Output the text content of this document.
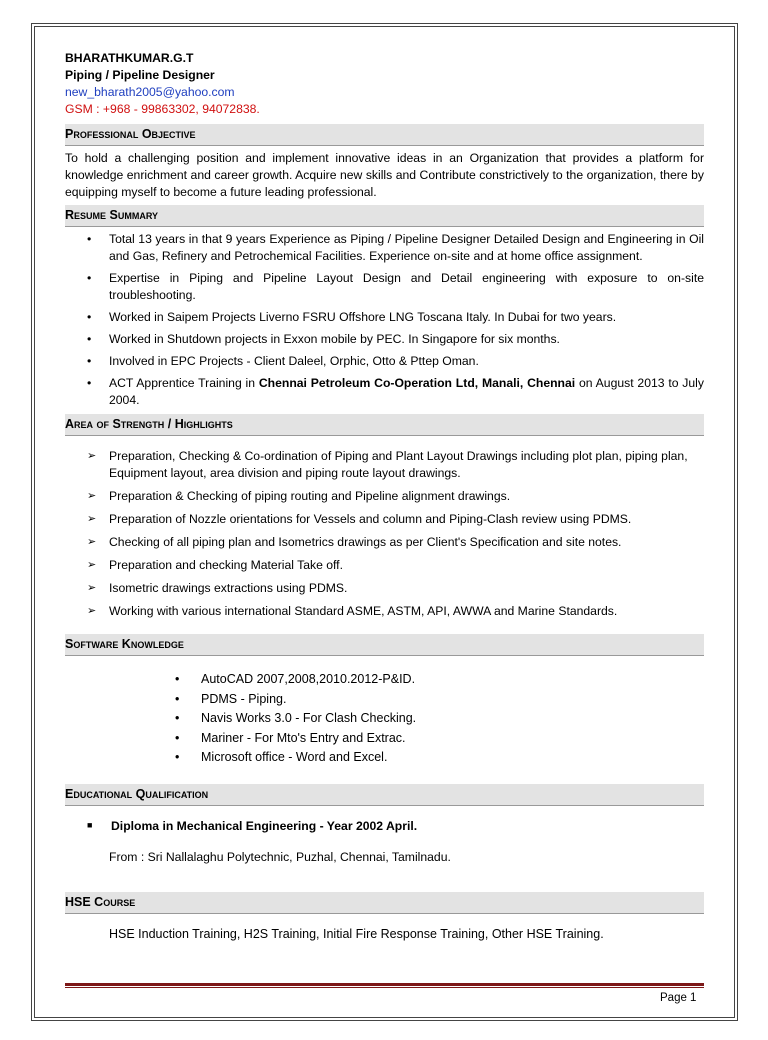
BHARATHKUMAR.G.T
Piping / Pipeline Designer
new_bharath2005@yahoo.com
GSM : +968 - 99863302, 94072838.
Professional Objective
To hold a challenging position and implement innovative ideas in an Organization that provides a platform for knowledge enrichment and career growth. Acquire new skills and Contribute constrictively to the organization, there by equipping myself to become a future leading professional.
Resume Summary
• Total 13 years in that 9 years Experience as Piping / Pipeline Designer Detailed Design and Engineering in Oil and Gas, Refinery and Petrochemical Facilities. Experience on-site and at home office assignment.
• Expertise in Piping and Pipeline Layout Design and Detail engineering with exposure to on-site troubleshooting.
• Worked in Saipem Projects Liverno FSRU Offshore LNG Toscana Italy. In Dubai for two years.
• Worked in Shutdown projects in Exxon mobile by PEC. In Singapore for six months.
• Involved in EPC Projects - Client Daleel, Orphic, Otto & Pttep Oman.
• ACT Apprentice Training in Chennai Petroleum Co-Operation Ltd, Manali, Chennai on August 2013 to July 2004.
Area of Strength / Highlights
➢ Preparation, Checking & Co-ordination of Piping and Plant Layout Drawings including plot plan, piping plan, Equipment layout, area division and piping route layout drawings.
➢ Preparation & Checking of piping routing and Pipeline alignment drawings.
➢ Preparation of Nozzle orientations for Vessels and column and Piping-Clash review using PDMS.
➢ Checking of all piping plan and Isometrics drawings as per Client's Specification and site notes.
➢ Preparation and checking Material Take off.
➢ Isometric drawings extractions using PDMS.
➢ Working with various international Standard ASME, ASTM, API, AWWA and Marine Standards.
Software Knowledge
• AutoCAD 2007,2008,2010.2012-P&ID.
• PDMS - Piping.
• Navis Works 3.0 - For Clash Checking.
• Mariner - For Mto's Entry and Extrac.
• Microsoft office - Word and Excel.
Educational Qualification
■ Diploma in Mechanical Engineering - Year 2002 April.
From : Sri Nallalaghu Polytechnic, Puzhal, Chennai, Tamilnadu.
HSE Course
HSE Induction Training, H2S Training, Initial Fire Response Training, Other HSE Training.
Page 1
